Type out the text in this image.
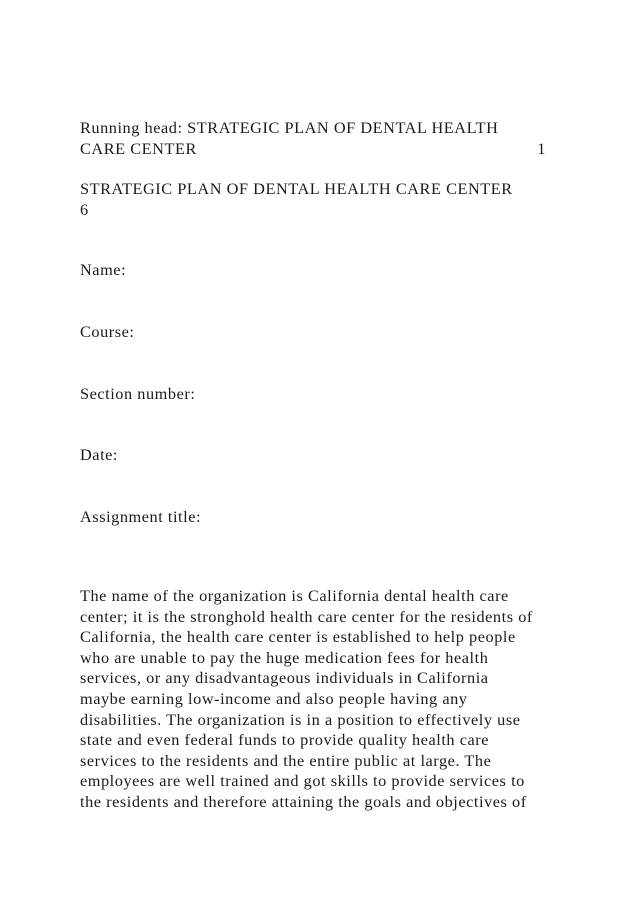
Running head: STRATEGIC PLAN OF DENTAL HEALTH
CARE CENTER	1
STRATEGIC PLAN OF DENTAL HEALTH CARE CENTER
6
Name:
Course:
Section number:
Date:
Assignment title:
The name of the organization is California dental health care
center; it is the stronghold health care center for the residents of
California, the health care center is established to help people
who are unable to pay the huge medication fees for health
services, or any disadvantageous individuals in California
maybe earning low-income and also people having any
disabilities. The organization is in a position to effectively use
state and even federal funds to provide quality health care
services to the residents and the entire public at large. The
employees are well trained and got skills to provide services to
the residents and therefore attaining the goals and objectives of
